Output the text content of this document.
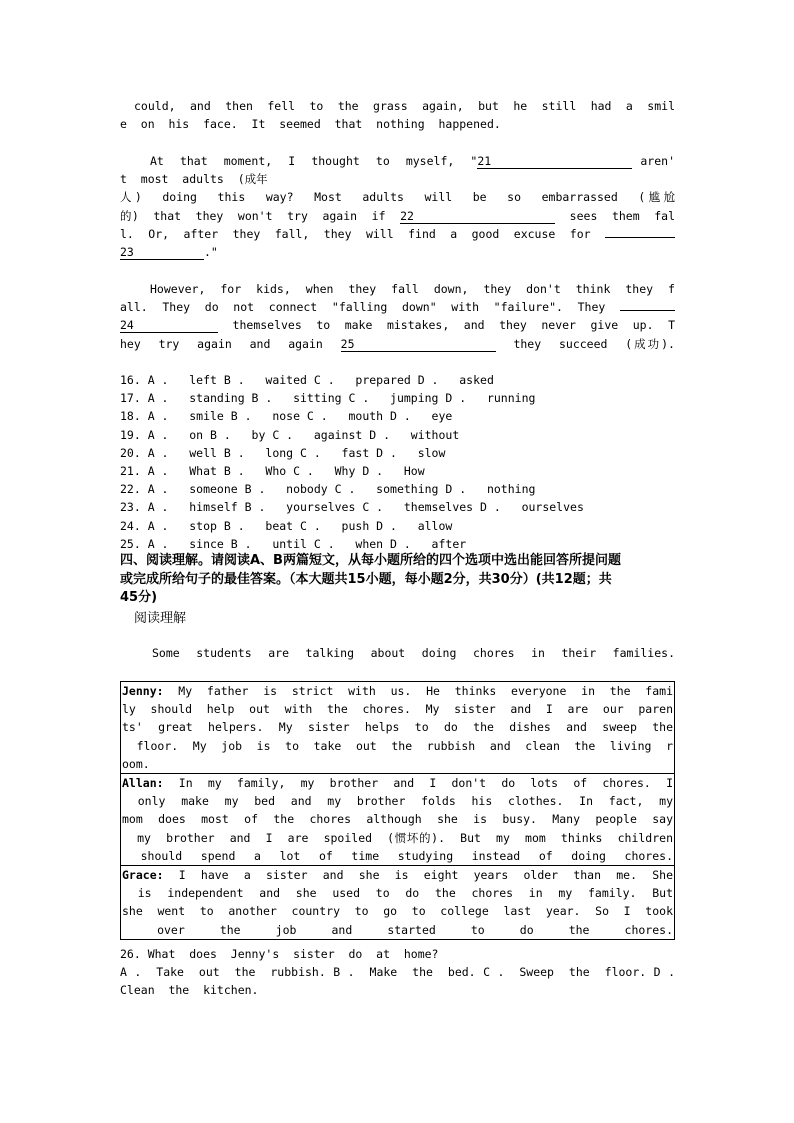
could,  and  then  fell  to  the  grass  again,  but  he  still  had  a  smil
e  on  his  face.  It  seemed  that  nothing  happened.
At  that  moment,  I  thought  to  myself,  "21	aren'
t  most  adults  (成年
人)  doing  this  way?  Most  adults  will  be  so  embarrassed  (尴尬
的)  that  they  won't  try  again  if  22	sees  them  fal
l.  Or,  after  they  fall,  they  will  find  a  good  excuse  for
23	."
However,  for  kids,  when  they  fall  down,  they  don't  think  they  f
all.  They  do  not  connect  "falling  down"  with  "failure".  They
24	themselves  to  make  mistakes,  and  they  never  give  up.  T
hey  try  again  and  again  25	they  succeed  (成功).
16. A .   left B .   waited C .   prepared D .   asked
17. A .   standing B .   sitting C .   jumping D .   running
18. A .   smile B .   nose C .   mouth D .   eye
19. A .   on B .   by C .   against D .   without
20. A .   well B .   long C .   fast D .   slow
21. A .   What B .   Who C .   Why D .   How
22. A .   someone B .   nobody C .   something D .   nothing
23. A .   himself B .   yourselves C .   themselves D .   ourselves
24. A .   stop B .   beat C .   push D .   allow
25. A .   since B .   until C .   when D .   after
四、阅读理解。请阅读A、B两篇短文，从每小题所给的四个选项中选出能回答所提问题
或完成所给句子的最佳答案。（本大题共15小题，每小题2分，共30分）(共12题；共
45分)
阅读理解
Some  students  are  talking  about  doing  chores  in  their  families.
Jenny:  My  father  is  strict  with  us.  He  thinks  everyone  in  the  fami
ly  should  help  out  with  the  chores.  My  sister  and  I  are  our  paren
ts'  great  helpers.  My  sister  helps  to  do  the  dishes  and  sweep  the
floor.  My  job  is  to  take  out  the  rubbish  and  clean  the  living  r
oom.

Allan:  In  my  family,  my  brother  and  I  don't  do  lots  of  chores.  I
only  make  my  bed  and  my  brother  folds  his  clothes.  In  fact,  my
mom  does  most  of  the  chores  although  she  is  busy.  Many  people  say
my  brother  and  I  are  spoiled  (惯坏的).  But  my  mom  thinks  children
should  spend  a  lot  of  time  studying  instead  of  doing  chores.

Grace:  I  have  a  sister  and  she  is  eight  years  older  than  me.  She
is  independent  and  she  used  to  do  the  chores  in  my  family.  But
she  went  to  another  country  to  go  to  college  last  year.  So  I  took
over  the  job  and  started  to  do  the  chores.
26. What  does  Jenny's  sister  do  at  home?
A .  Take  out  the  rubbish. B .  Make  the  bed. C .  Sweep  the  floor. D .
Clean  the  kitchen.
